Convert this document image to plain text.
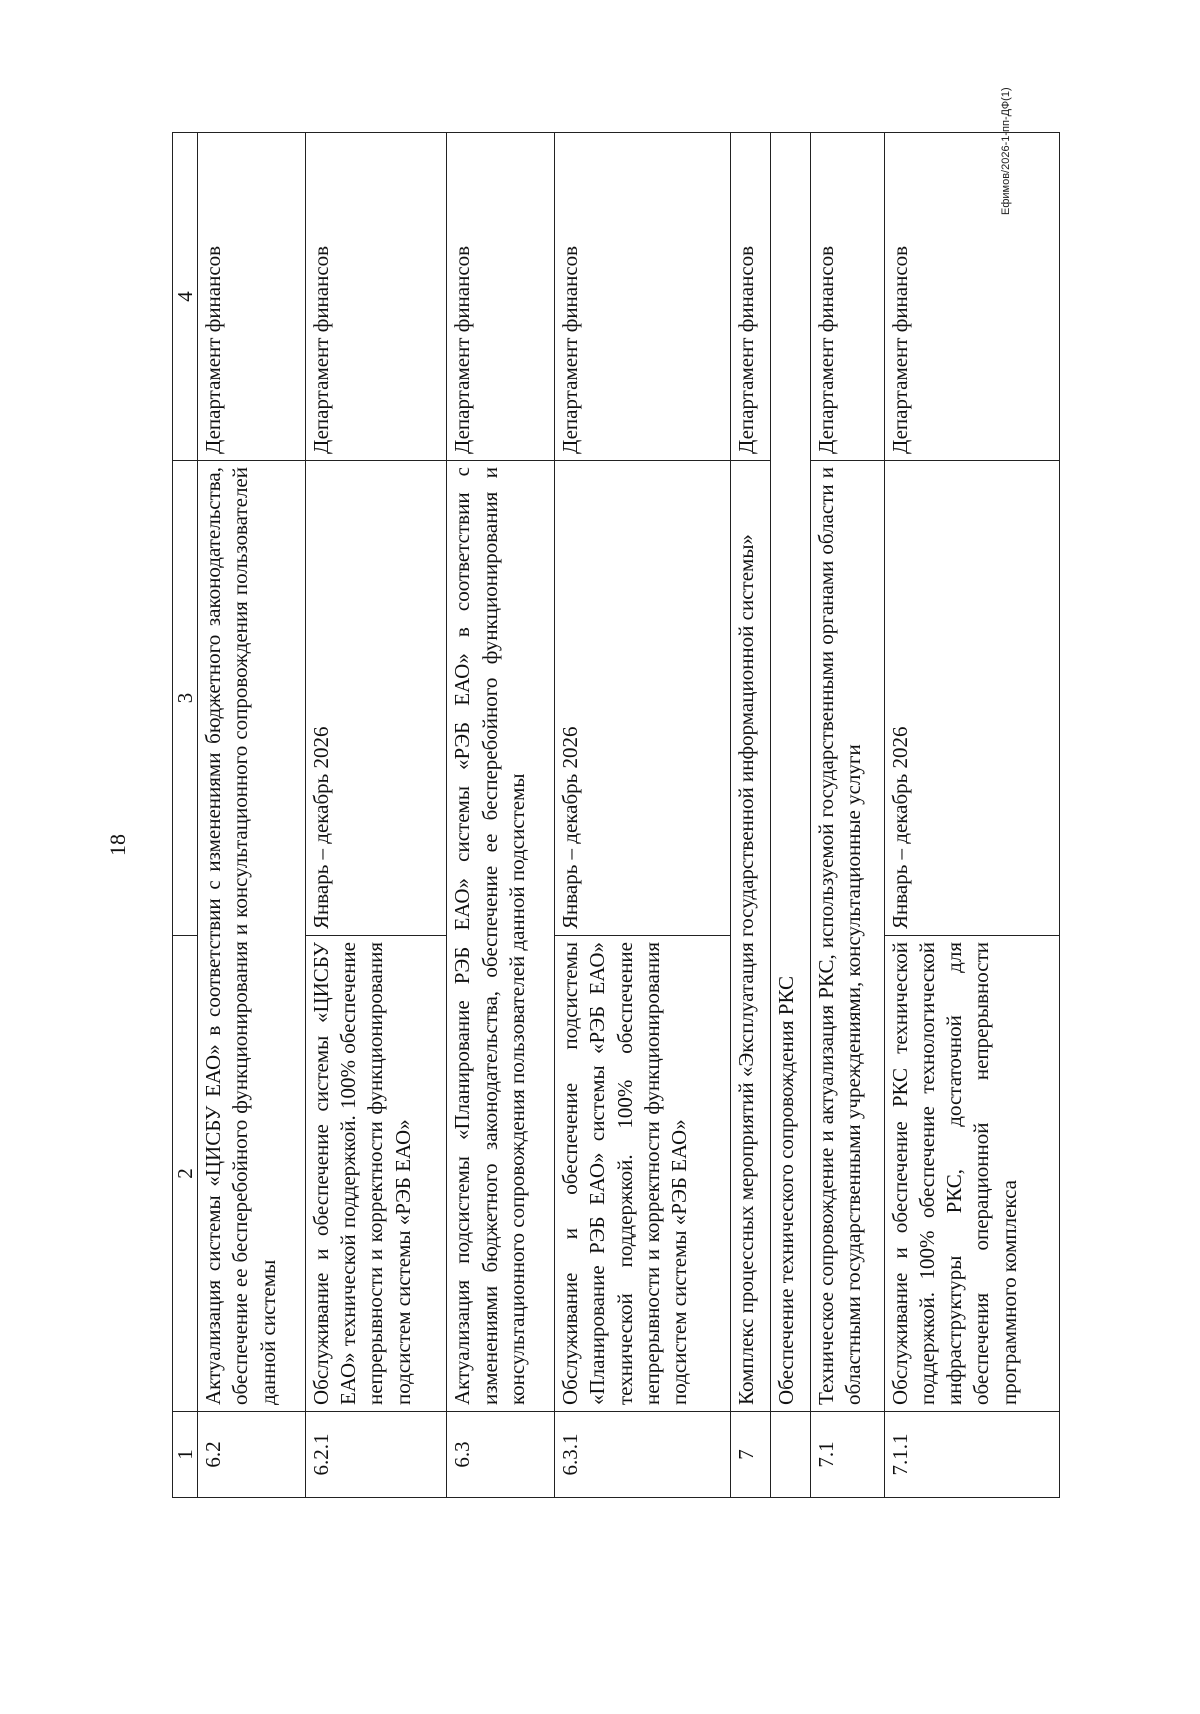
18
Ефимов/2026-1-пп-ДФ(1)
1	2	3	4
6.2	Актуализация системы «ЦИСБУ ЕАО» в соответствии с изменениями бюджетного законодательства, обеспечение ее бесперебойного функционирования и консультационного сопровождения пользователей данной системы		Департамент финансов
6.2.1	Обслуживание и обеспечение системы «ЦИСБУ ЕАО» технической поддержкой. 100% обеспечение непрерывности и корректности функционирования подсистем системы «РЭБ ЕАО»	Январь – декабрь 2026	Департамент финансов
6.3	Актуализация подсистемы «Планирование РЭБ ЕАО» системы «РЭБ ЕАО» в соответствии с изменениями бюджетного законодательства, обеспечение ее бесперебойного функционирования и консультационного сопровождения пользователей данной подсистемы		Департамент финансов
6.3.1	Обслуживание и обеспечение подсистемы «Планирование РЭБ ЕАО» системы «РЭБ ЕАО» технической поддержкой. 100% обеспечение непрерывности и корректности функционирования подсистем системы «РЭБ ЕАО»	Январь – декабрь 2026	Департамент финансов
7	Комплекс процессных мероприятий «Эксплуатация государственной информационной системы»		Департамент финансов
	Обеспечение технического сопровождения РКС		
7.1	Техническое сопровождение и актуализация РКС, используемой государственными органами области и областными государственными учреждениями, консультационные услуги		Департамент финансов
7.1.1	Обслуживание и обеспечение РКС технической поддержкой. 100% обеспечение технологической инфраструктуры РКС, достаточной для обеспечения операционной непрерывности программного комплекса	Январь – декабрь 2026	Департамент финансов
